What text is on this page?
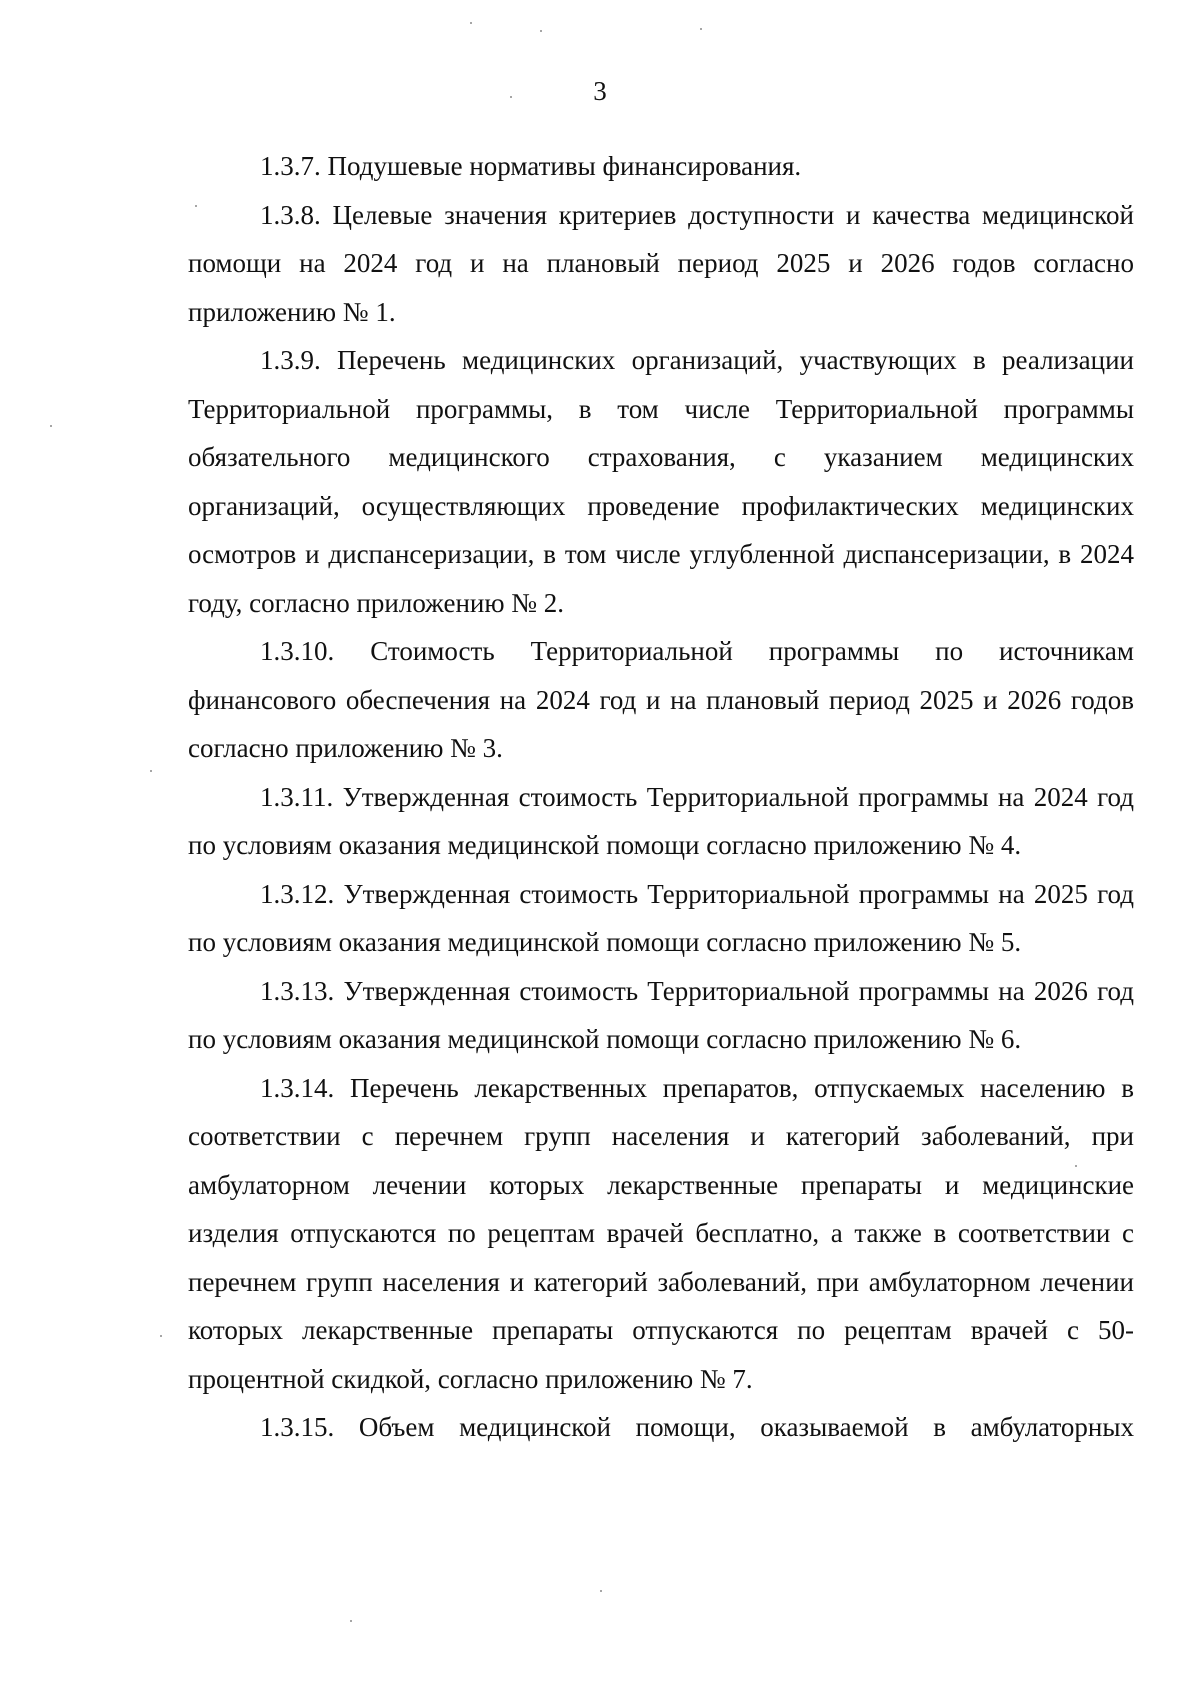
3

1.3.7. Подушевые нормативы финансирования.

1.3.8. Целевые значения критериев доступности и качества медицинской помощи на 2024 год и на плановый период 2025 и 2026 годов согласно приложению № 1.

1.3.9. Перечень медицинских организаций, участвующих в реализации Территориальной программы, в том числе Территориальной программы обязательного медицинского страхования, с указанием медицинских организаций, осуществляющих проведение профилактических медицинских осмотров и диспансеризации, в том числе углубленной диспансеризации, в 2024 году, согласно приложению № 2.

1.3.10. Стоимость Территориальной программы по источникам финансового обеспечения на 2024 год и на плановый период 2025 и 2026 годов согласно приложению № 3.

1.3.11. Утвержденная стоимость Территориальной программы на 2024 год по условиям оказания медицинской помощи согласно приложению № 4.

1.3.12. Утвержденная стоимость Территориальной программы на 2025 год по условиям оказания медицинской помощи согласно приложению № 5.

1.3.13. Утвержденная стоимость Территориальной программы на 2026 год по условиям оказания медицинской помощи согласно приложению № 6.

1.3.14. Перечень лекарственных препаратов, отпускаемых населению в соответствии с перечнем групп населения и категорий заболеваний, при амбулаторном лечении которых лекарственные препараты и медицинские изделия отпускаются по рецептам врачей бесплатно, а также в соответствии с перечнем групп населения и категорий заболеваний, при амбулаторном лечении которых лекарственные препараты отпускаются по рецептам врачей с 50-процентной скидкой, согласно приложению № 7.

1.3.15. Объем медицинской помощи, оказываемой в амбулаторных
